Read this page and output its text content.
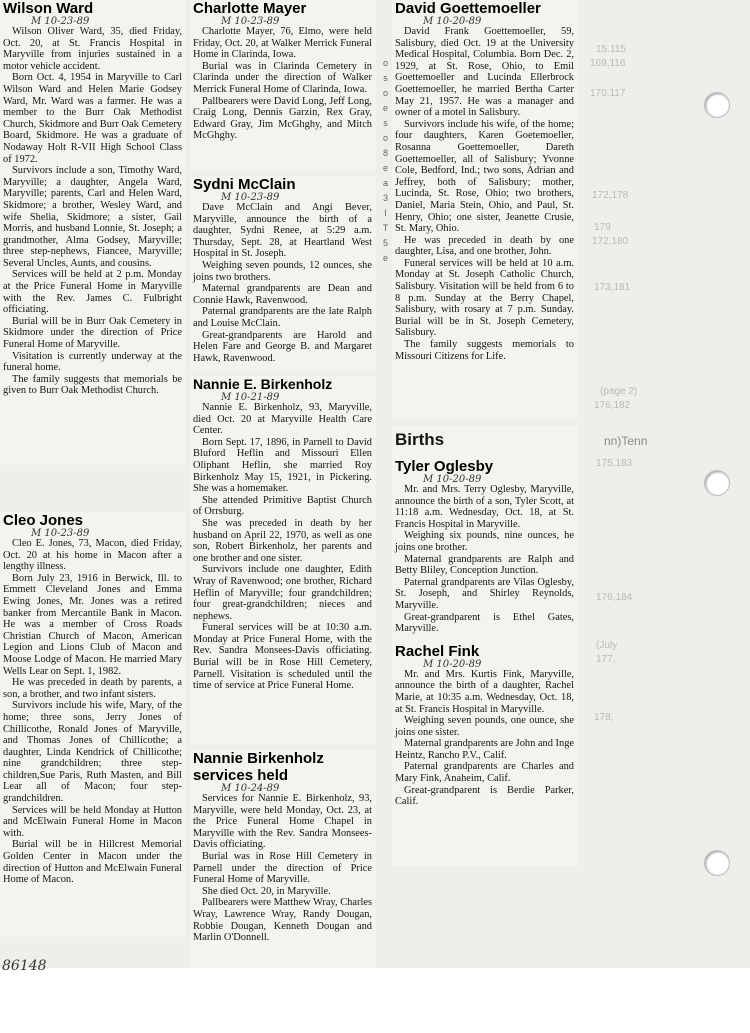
15.115
169,116
170,117
172,178
179
172,180
173,181
(page 2)
176,182
nn)Tenn
175,183
176,184
(July
177,
178,
Wilson Ward
M 10-23-89

Wilson Oliver Ward, 35, died Friday, Oct. 20, at St. Francis Hospital in Maryville from injuries sustained in a motor vehicle accident.

Born Oct. 4, 1954 in Maryville to Carl Wilson Ward and Helen Marie Godsey Ward, Mr. Ward was a farmer. He was a member to the Burr Oak Methodist Church, Skidmore and Burr Oak Cemetery Board, Skidmore. He was a graduate of Nodaway Holt R-VII High School Class of 1972.

Survivors include a son, Timothy Ward, Maryville; a daughter, Angela Ward, Maryville; parents, Carl and Helen Ward, Skidmore; a brother, Wesley Ward, and wife Shelia, Skidmore; a sister, Gail Morris, and husband Lonnie, St. Joseph; a grandmother, Alma Godsey, Maryville; three step-nephews, Fiancee, Maryville; Several Uncles, Aunts, and cousins.

Services will be held at 2 p.m. Monday at the Price Funeral Home in Maryville with the Rev. James C. Fulbright officiating.

Burial will be in Burr Oak Cemetery in Skidmore under the direction of Price Funeral Home of Maryville.

Visitation is currently underway at the funeral home.

The family suggests that memorials be given to Burr Oak Methodist Church.

Cleo Jones
M 10-23-89

Cleo E. Jones, 73, Macon, died Friday, Oct. 20 at his home in Macon after a lengthy illness.

Born July 23, 1916 in Berwick, Ill. to Emmett Cleveland Jones and Emma Ewing Jones, Mr. Jones was a retired banker from Mercantile Bank in Macon. He was a member of Cross Roads Christian Church of Macon, American Legion and Lions Club of Macon and Moose Lodge of Macon. He married Mary Wells Lear on Sept. 1, 1982.

He was preceded in death by parents, a son, a brother, and two infant sisters.

Survivors include his wife, Mary, of the home; three sons, Jerry Jones of Chillicothe, Ronald Jones of Maryville, and Thomas Jones of Chillicothe; a daughter, Linda Kendrick of Chillicothe; nine grandchildren; three step-children,Sue Paris, Ruth Masten, and Bill Lear all of Macon; four step-grandchildren.

Services will be held Monday at Hutton and McElwain Funeral Home in Macon with.

Burial will be in Hillcrest Memorial Golden Center in Macon under the direction of Hutton and McElwain Funeral Home of Macon.

Charlotte Mayer
M 10-23-89

Charlotte Mayer, 76, Elmo, were held Friday, Oct. 20, at Walker Merrick Funeral Home in Clarinda, Iowa.

Burial was in Clarinda Cemetery in Clarinda under the direction of Walker Merrick Funeral Home of Clarinda, Iowa.

Pallbearers were David Long, Jeff Long, Craig Long, Dennis Garzin, Rex Gray, Edward Gray, Jim McGhghy, and Mitch McGhghy.

Sydni McClain
M 10-23-89

Dave McClain and Angi Bever, Maryville, announce the birth of a daughter, Sydni Renee, at 5:29 a.m. Thursday, Sept. 28, at Heartland West Hospital in St. Joseph.

Weighing seven pounds, 12 ounces, she joins two brothers.

Maternal grandparents are Dean and Connie Hawk, Ravenwood.

Paternal grandparents are the late Ralph and Louise McClain.

Great-grandparents are Harold and Helen Fare and George B. and Margaret Hawk, Ravenwood.

Nannie E. Birkenholz
M 10-21-89

Nannie E. Birkenholz, 93, Maryville, died Oct. 20 at Maryville Health Care Center.

Born Sept. 17, 1896, in Parnell to David Bluford Heflin and Missouri Ellen Oliphant Heflin, she married Roy Birkenholz May 15, 1921, in Pickering. She was a homemaker.

She attended Primitive Baptist Church of Orrsburg.

She was preceded in death by her husband on April 22, 1970, as well as one son, Robert Birkenholz, her parents and one brother and one sister.

Survivors include one daughter, Edith Wray of Ravenwood; one brother, Richard Heflin of Maryville; four grandchildren; four great-grandchildren; nieces and nephews.

Funeral services will be at 10:30 a.m. Monday at Price Funeral Home, with the Rev. Sandra Monsees-Davis officiating. Burial will be in Rose Hill Cemetery, Parnell. Visitation is scheduled until the time of service at Price Funeral Home.

Nannie Birkenholz
services held
M 10-24-89

Services for Nannie E. Birkenholz, 93, Maryville, were held Monday, Oct. 23, at the Price Funeral Home Chapel in Maryville with the Rev. Sandra Monsees-Davis officiating.

Burial was in Rose Hill Cemetery in Parnell under the direction of Price Funeral Home of Maryville.

She died Oct. 20, in Maryville.

Pallbearers were Matthew Wray, Charles Wray, Lawrence Wray, Randy Dougan, Robbie Dougan, Kenneth Dougan and Marlin O'Donnell.

o s o e s o 8 e a 3 I T 5 e
David Goettemoeller
M 10-20-89

David Frank Goettemoeller, 59, Salisbury, died Oct. 19 at the University Medical Hospital, Columbia. Born Dec. 2, 1929, at St. Rose, Ohio, to Emil Goettemoeller and Lucinda Ellerbrock Goettemoeller, he married Bertha Carter May 21, 1957. He was a manager and owner of a motel in Salisbury.

Survivors include his wife, of the home; four daughters, Karen Goetemoeller, Rosanna Goettemoeller, Dareth Goettemoeller, all of Salisbury; Yvonne Cole, Bedford, Ind.; two sons, Adrian and Jeffrey, both of Salisbury; mother, Lucinda, St. Rose, Ohio; two brothers, Daniel, Maria Stein, Ohio, and Paul, St. Henry, Ohio; one sister, Jeanette Crusie, St. Mary, Ohio.

He was preceded in death by one daughter, Lisa, and one brother, John.

Funeral services will be held at 10 a.m. Monday at St. Joseph Catholic Church, Salisbury. Visitation will be held from 6 to 8 p.m. Sunday at the Berry Chapel, Salisbury, with rosary at 7 p.m. Sunday. Burial will be in St. Joseph Cemetery, Salisbury.

The family suggests memorials to Missouri Citizens for Life.

Births
Tyler Oglesby
M 10-20-89

Mr. and Mrs. Terry Oglesby, Maryville, announce the birth of a son, Tyler Scott, at 11:18 a.m. Wednesday, Oct. 18, at St. Francis Hospital in Maryville.

Weighing six pounds, nine ounces, he joins one brother.

Maternal grandparents are Ralph and Betty Bliley, Conception Junction.

Paternal grandparents are Vilas Oglesby, St. Joseph, and Shirley Reynolds, Maryville.

Great-grandparent is Ethel Gates, Maryville.

Rachel Fink
M 10-20-89

Mr. and Mrs. Kurtis Fink, Maryville, announce the birth of a daughter, Rachel Marie, at 10:35 a.m. Wednesday, Oct. 18, at St. Francis Hospital in Maryville.

Weighing seven pounds, one ounce, she joins one sister.

Maternal grandparents are John and Inge Heintz, Rancho P.V., Calif.

Paternal grandparents are Charles and Mary Fink, Anaheim, Calif.

Great-grandparent is Berdie Parker, Calif.

86148
